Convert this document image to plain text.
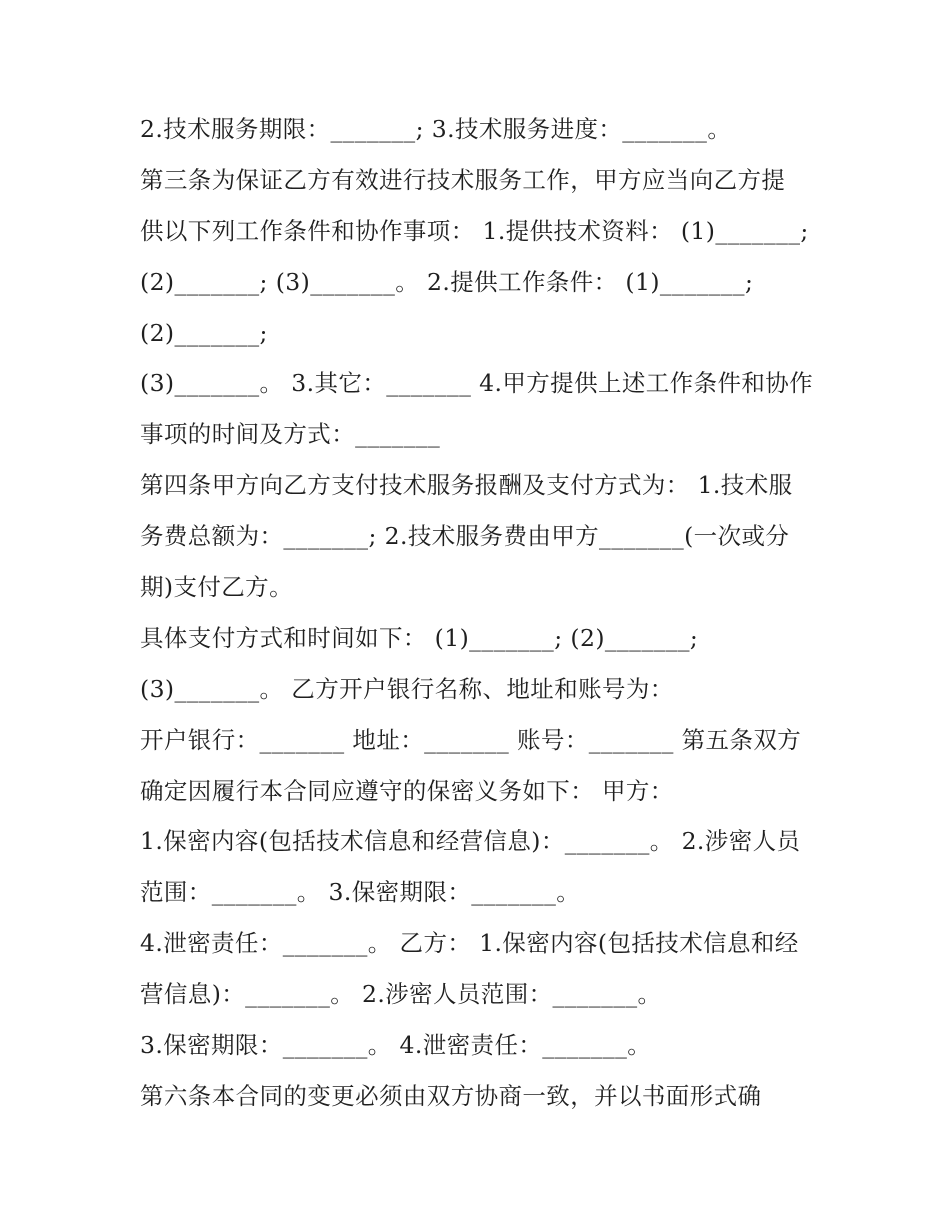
2.技术服务期限：_______; 3.技术服务进度：_______。
第三条为保证乙方有效进行技术服务工作，甲方应当向乙方提
供以下列工作条件和协作事项： 1.提供技术资料： (1)_______;
(2)_______; (3)_______。 2.提供工作条件： (1)_______;
(2)_______;
(3)_______。 3.其它：_______ 4.甲方提供上述工作条件和协作
事项的时间及方式：_______
第四条甲方向乙方支付技术服务报酬及支付方式为： 1.技术服
务费总额为：_______; 2.技术服务费由甲方_______(一次或分
期)支付乙方。
具体支付方式和时间如下： (1)_______; (2)_______;
(3)_______。 乙方开户银行名称、地址和账号为：
开户银行：_______ 地址：_______ 账号：_______ 第五条双方
确定因履行本合同应遵守的保密义务如下： 甲方：
1.保密内容(包括技术信息和经营信息)：_______。 2.涉密人员
范围：_______。 3.保密期限：_______。
4.泄密责任：_______。 乙方： 1.保密内容(包括技术信息和经
营信息)：_______。 2.涉密人员范围：_______。
3.保密期限：_______。 4.泄密责任：_______。
第六条本合同的变更必须由双方协商一致，并以书面形式确
